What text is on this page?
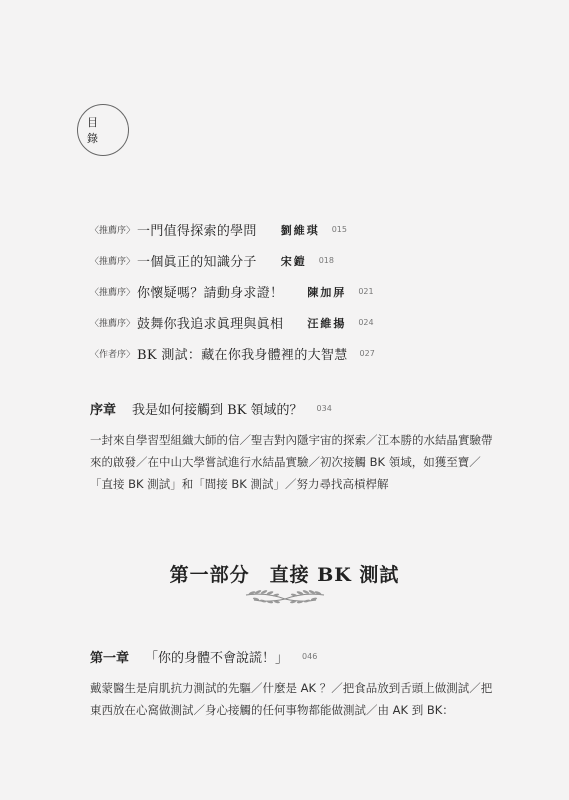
目 錄
〈推薦序〉 一門值得探索的學問 劉維琪 015
〈推薦序〉 一個眞正的知識分子 宋鎧 018
〈推薦序〉 你懷疑嗎？請動身求證！ 陳加屏 021
〈推薦序〉 鼓舞你我追求眞理與眞相 汪維揚 024
〈作者序〉 BK 測試：藏在你我身體裡的大智慧 027
序章 我是如何接觸到 BK 領域的？ 034

一封來自學習型組織大師的信／聖吉對內隱宇宙的探索／江本勝的水結晶實驗帶來的啟發／在中山大學嘗試進行水結晶實驗／初次接觸 BK 領域，如獲至寶／「直接 BK 測試」和「間接 BK 測試」／努力尋找高槓桿解

第一部分　直接 BK 測試
第一章 「你的身體不會說謊！」 046

戴蒙醫生是肩肌抗力測試的先驅／什麼是 AK ？／把食品放到舌頭上做測試／把東西放在心窩做測試／身心接觸的任何事物都能做測試／由 AK 到 BK：
